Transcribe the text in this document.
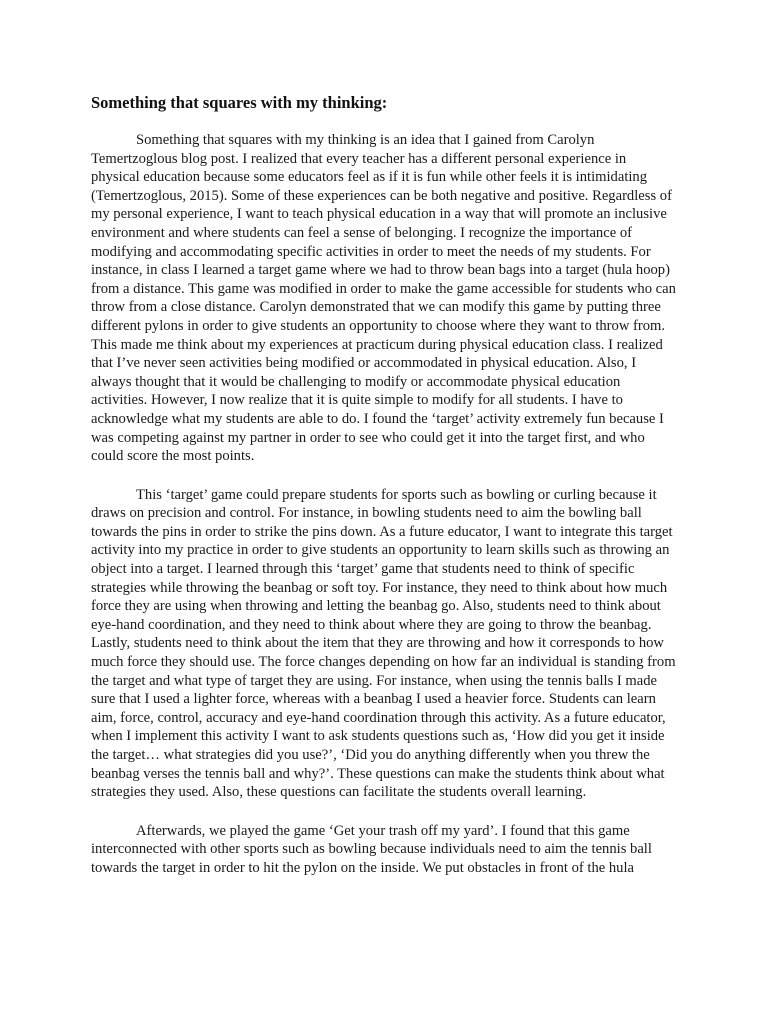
Something that squares with my thinking:

Something that squares with my thinking is an idea that I gained from Carolyn Temertzoglous blog post. I realized that every teacher has a different personal experience in physical education because some educators feel as if it is fun while other feels it is intimidating (Temertzoglous, 2015). Some of these experiences can be both negative and positive. Regardless of my personal experience, I want to teach physical education in a way that will promote an inclusive environment and where students can feel a sense of belonging. I recognize the importance of modifying and accommodating specific activities in order to meet the needs of my students. For instance, in class I learned a target game where we had to throw bean bags into a target (hula hoop) from a distance. This game was modified in order to make the game accessible for students who can throw from a close distance. Carolyn demonstrated that we can modify this game by putting three different pylons in order to give students an opportunity to choose where they want to throw from. This made me think about my experiences at practicum during physical education class. I realized that I’ve never seen activities being modified or accommodated in physical education. Also, I always thought that it would be challenging to modify or accommodate physical education activities. However, I now realize that it is quite simple to modify for all students. I have to acknowledge what my students are able to do. I found the ‘target’ activity extremely fun because I was competing against my partner in order to see who could get it into the target first, and who could score the most points.

This ‘target’ game could prepare students for sports such as bowling or curling because it draws on precision and control. For instance, in bowling students need to aim the bowling ball towards the pins in order to strike the pins down. As a future educator, I want to integrate this target activity into my practice in order to give students an opportunity to learn skills such as throwing an object into a target. I learned through this ‘target’ game that students need to think of specific strategies while throwing the beanbag or soft toy. For instance, they need to think about how much force they are using when throwing and letting the beanbag go. Also, students need to think about eye-hand coordination, and they need to think about where they are going to throw the beanbag. Lastly, students need to think about the item that they are throwing and how it corresponds to how much force they should use. The force changes depending on how far an individual is standing from the target and what type of target they are using. For instance, when using the tennis balls I made sure that I used a lighter force, whereas with a beanbag I used a heavier force. Students can learn aim, force, control, accuracy and eye-hand coordination through this activity. As a future educator, when I implement this activity I want to ask students questions such as, ‘How did you get it inside the target… what strategies did you use?’, ‘Did you do anything differently when you threw the beanbag verses the tennis ball and why?’. These questions can make the students think about what strategies they used. Also, these questions can facilitate the students overall learning.

Afterwards, we played the game ‘Get your trash off my yard’. I found that this game interconnected with other sports such as bowling because individuals need to aim the tennis ball towards the target in order to hit the pylon on the inside. We put obstacles in front of the hula
